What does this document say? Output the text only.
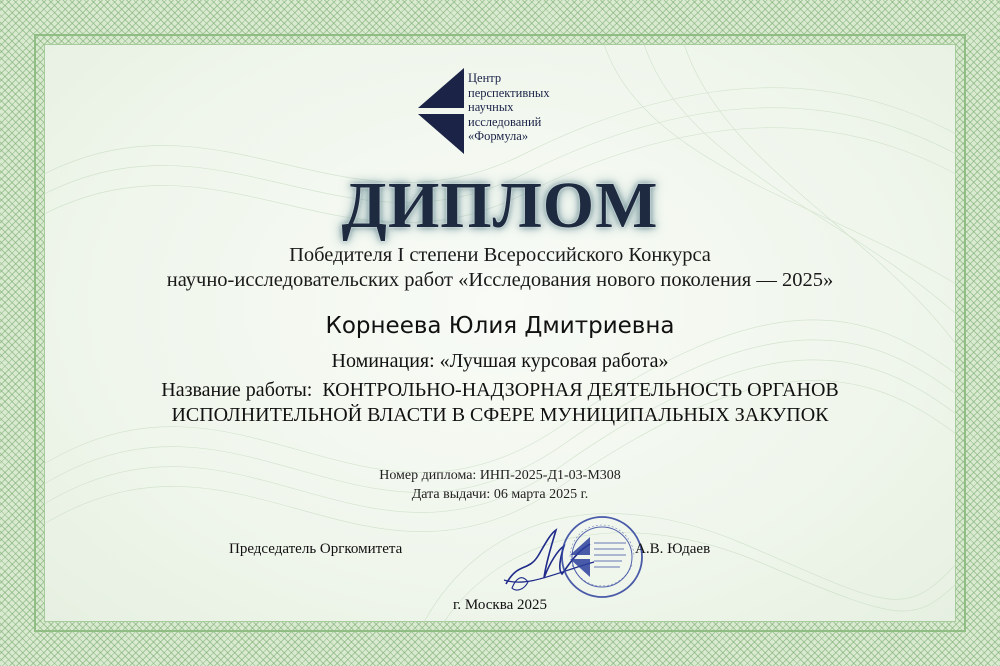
Центр
перспективных
научных
исследований
«Формула»
ДИПЛОМ
Победителя I степени Всероссийского Конкурса
научно-исследовательских работ «Исследования нового поколения — 2025»
Корнеева Юлия Дмитриевна
Номинация: «Лучшая курсовая работа»
Название работы:  КОНТРОЛЬНО-НАДЗОРНАЯ ДЕЯТЕЛЬНОСТЬ ОРГАНОВ
ИСПОЛНИТЕЛЬНОЙ ВЛАСТИ В СФЕРЕ МУНИЦИПАЛЬНЫХ ЗАКУПОК
Номер диплома: ИНП-2025-Д1-03-М308
Дата выдачи: 06 марта 2025 г.
Председатель Оргкомитета	А.В. Юдаев
г. Москва 2025
